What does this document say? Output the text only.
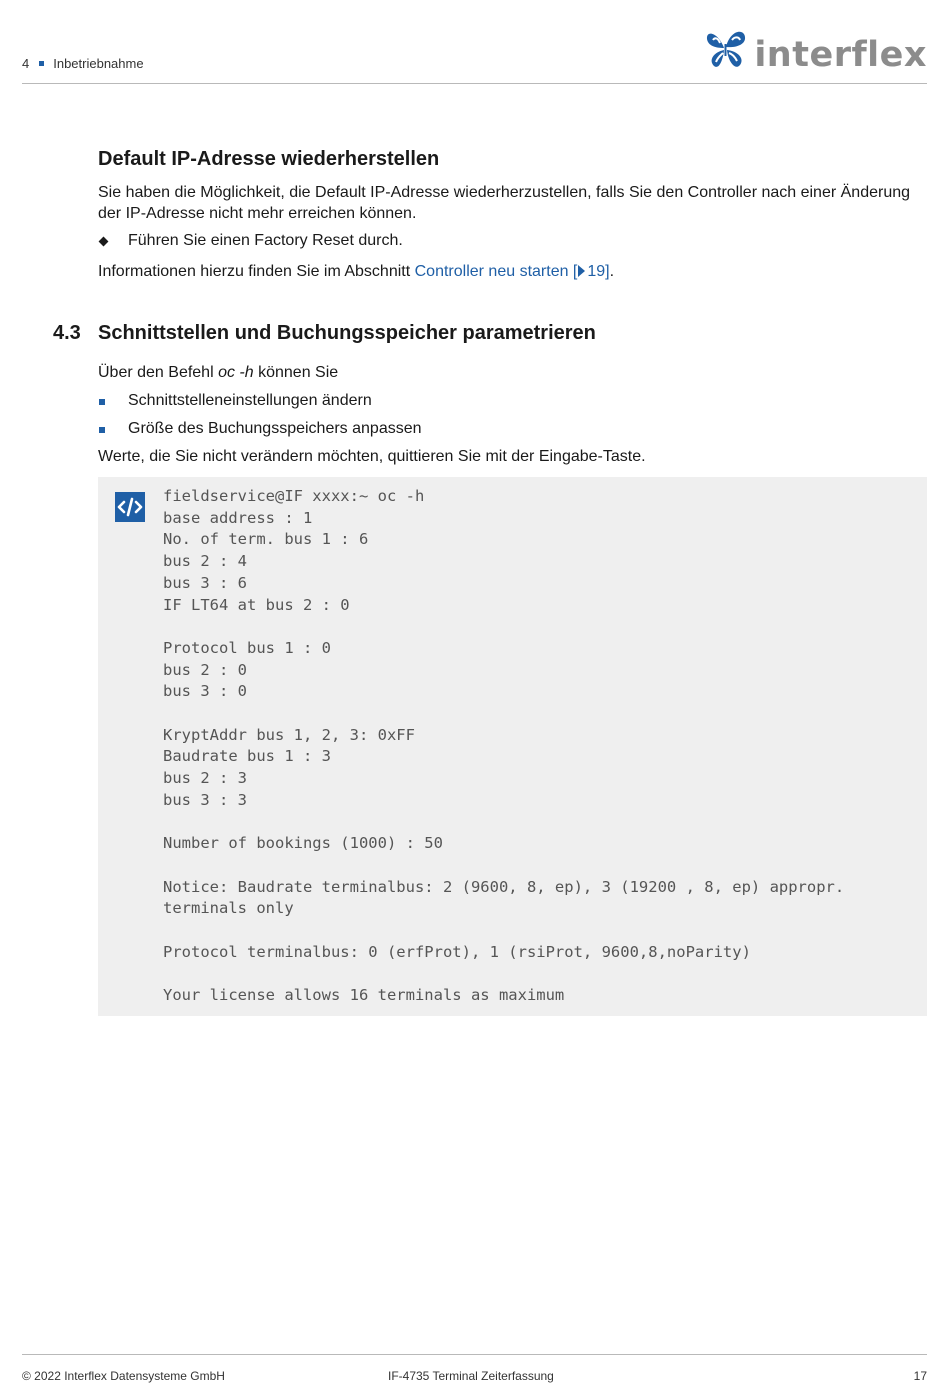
4 Inbetriebnahme	interflex
Default IP-Adresse wiederherstellen
Sie haben die Möglichkeit, die Default IP-Adresse wiederherzustellen, falls Sie den Controller nach einer Änderung der IP-Adresse nicht mehr erreichen können.
Führen Sie einen Factory Reset durch.
Informationen hierzu finden Sie im Abschnitt Controller neu starten [ 19].
4.3 Schnittstellen und Buchungsspeicher parametrieren
Über den Befehl oc -h können Sie
Schnittstelleneinstellungen ändern
Größe des Buchungsspeichers anpassen
Werte, die Sie nicht verändern möchten, quittieren Sie mit der Eingabe-Taste.
fieldservice@IF xxxx:~ oc -h
base address : 1
No. of term. bus 1 : 6
bus 2 : 4
bus 3 : 6
IF LT64 at bus 2 : 0

Protocol bus 1 : 0
bus 2 : 0
bus 3 : 0

KryptAddr bus 1, 2, 3: 0xFF
Baudrate bus 1 : 3
bus 2 : 3
bus 3 : 3

Number of bookings (1000) : 50

Notice: Baudrate terminalbus: 2 (9600, 8, ep), 3 (19200 , 8, ep) appropr.
terminals only

Protocol terminalbus: 0 (erfProt), 1 (rsiProt, 9600,8,noParity)

Your license allows 16 terminals as maximum
© 2022 Interflex Datensysteme GmbH	IF-4735 Terminal Zeiterfassung	17
